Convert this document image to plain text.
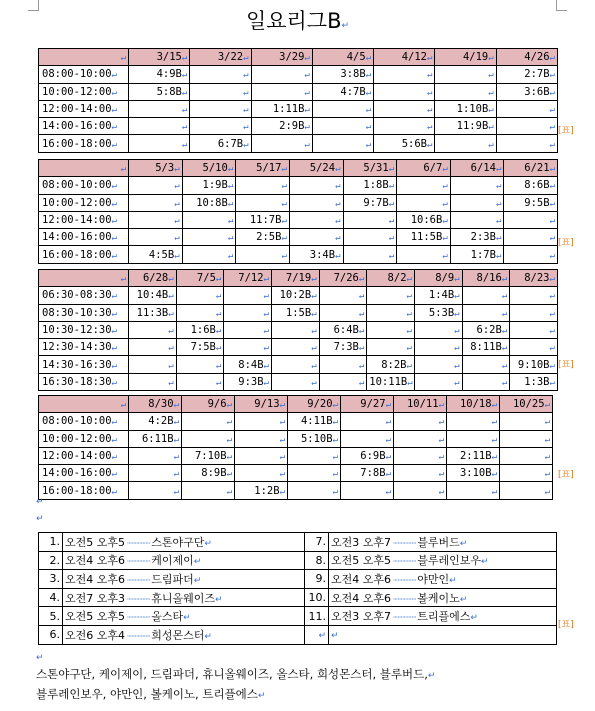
일요리그B↵
↵	3/15↵	3/22↵	3/29↵	4/5↵	4/12↵	4/19↵	4/26↵
08:00-10:00↵	4:9B↵	↵	↵	3:8B↵	↵	↵	2:7B↵
10:00-12:00↵	5:8B↵	↵	↵	4:7B↵	↵	↵	3:6B↵
12:00-14:00↵	↵	↵	1:11B↵	↵	↵	1:10B↵	↵
14:00-16:00↵	↵	↵	2:9B↵	↵	↵	11:9B↵	↵
16:00-18:00↵	↵	6:7B↵	↵	↵	5:6B↵	↵	↵
[표]
↵	5/3↵	5/10↵	5/17↵	5/24↵	5/31↵	6/7↵	6/14↵	6/21↵
08:00-10:00↵	↵	1:9B↵	↵	↵	1:8B↵	↵	↵	8:6B↵
10:00-12:00↵	↵	10:8B↵	↵	↵	9:7B↵	↵	↵	9:5B↵
12:00-14:00↵	↵	↵	11:7B↵	↵	↵	10:6B↵	↵	↵
14:00-16:00↵	↵	↵	2:5B↵	↵	↵	11:5B↵	2:3B↵	↵
16:00-18:00↵	4:5B↵	↵	↵	3:4B↵	↵	↵	1:7B↵	↵
[표]
↵	6/28↵	7/5↵	7/12↵	7/19↵	7/26↵	8/2↵	8/9↵	8/16↵	8/23↵
06:30-08:30↵	10:4B↵	↵	↵	10:2B↵	↵	↵	1:4B↵	↵	↵
08:30-10:30↵	11:3B↵	↵	↵	1:5B↵	↵	↵	5:3B↵	↵	↵
10:30-12:30↵	↵	1:6B↵	↵	↵	6:4B↵	↵	↵	6:2B↵	↵
12:30-14:30↵	↵	7:5B↵	↵	↵	7:3B↵	↵	↵	8:11B↵	↵
14:30-16:30↵	↵	↵	8:4B↵	↵	↵	8:2B↵	↵	↵	9:10B↵
16:30-18:30↵	↵	↵	9:3B↵	↵	↵	10:11B↵	↵	↵	1:3B↵
[표]
↵	8/30↵	9/6↵	9/13↵	9/20↵	9/27↵	10/11↵	10/18↵	10/25↵
08:00-10:00↵	4:2B↵	↵	↵	4:11B↵	↵	↵	↵	↵
10:00-12:00↵	6:11B↵	↵	↵	5:10B↵	↵	↵	↵	↵
12:00-14:00↵	↵	7:10B↵	↵	↵	6:9B↵	↵	2:11B↵	↵
14:00-16:00↵	↵	8:9B↵	↵	↵	7:8B↵	↵	3:10B↵	↵
16:00-18:00↵	↵	↵	1:2B↵	↵	↵	↵	↵	↵
[표]
↵
↵
1.	오전5 오후5 ··············· 스톤야구단↵	7.	오전3 오후7 ··············· 블루버드↵
2.	오전4 오후6 ··············· 케이제이↵	8.	오전5 오후5 ··············· 블루레인보우↵
3.	오전4 오후6 ··············· 드림파더↵	9.	오전4 오후6 ··············· 야만인↵
4.	오전7 오후3 ··············· 휴니올웨이즈↵	10.	오전4 오후6 ··············· 볼케이노↵
5.	오전5 오후5 ··············· 올스타↵	11.	오전3 오후7 ··············· 트리플에스↵
6.	오전6 오후4 ··············· 희성몬스터↵	↵	↵
[표]
↵
스톤야구단, 케이제이, 드림파더, 휴니올웨이즈, 올스타, 희성몬스터, 블루버드,↵
블루레인보우, 야만인, 볼케이노, 트리플에스↵
